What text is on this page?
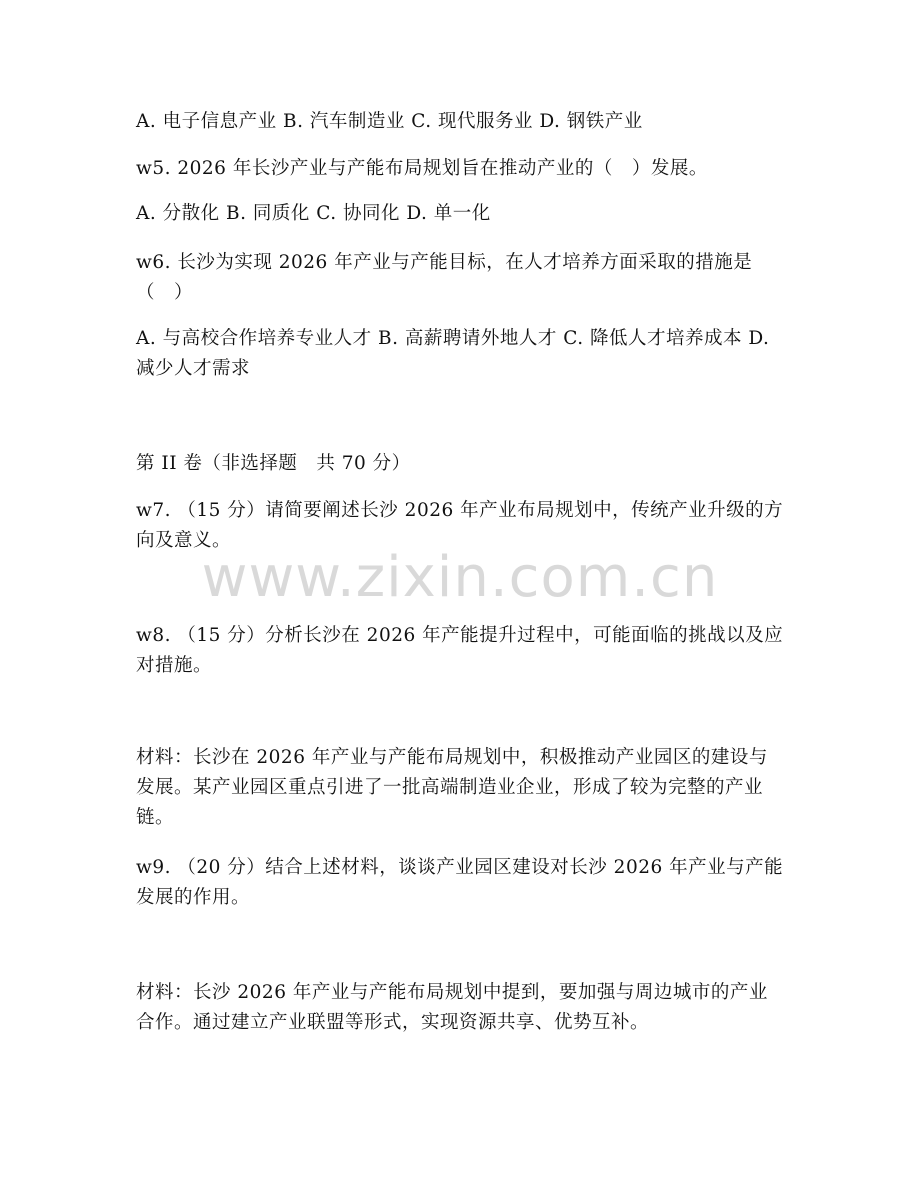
A. 电子信息产业 B. 汽车制造业 C. 现代服务业 D. 钢铁产业

w5. 2026 年长沙产业与产能布局规划旨在推动产业的（　）发展。

A. 分散化 B. 同质化 C. 协同化 D. 单一化

w6. 长沙为实现 2026 年产业与产能目标，在人才培养方面采取的措施是（　）

A. 与高校合作培养专业人才 B. 高薪聘请外地人才 C. 降低人才培养成本 D. 减少人才需求

第 II 卷（非选择题　共 70 分）

w7. （15 分）请简要阐述长沙 2026 年产业布局规划中，传统产业升级的方向及意义。

www.zixin.com.cn

w8. （15 分）分析长沙在 2026 年产能提升过程中，可能面临的挑战以及应对措施。

材料：长沙在 2026 年产业与产能布局规划中，积极推动产业园区的建设与发展。某产业园区重点引进了一批高端制造业企业，形成了较为完整的产业链。

w9. （20 分）结合上述材料，谈谈产业园区建设对长沙 2026 年产业与产能发展的作用。

材料：长沙 2026 年产业与产能布局规划中提到，要加强与周边城市的产业合作。通过建立产业联盟等形式，实现资源共享、优势互补。
